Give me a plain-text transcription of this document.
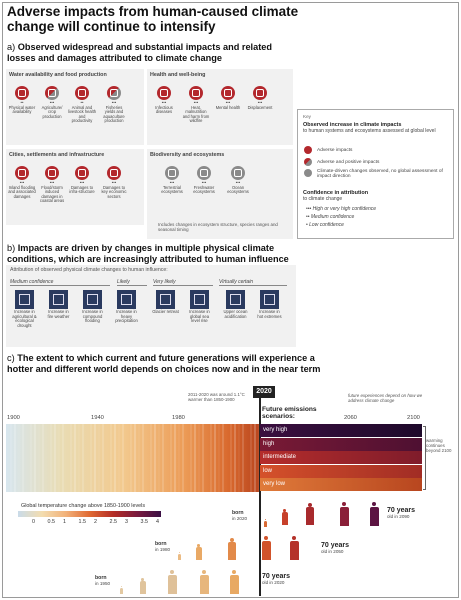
Adverse impacts from human-caused climate change will continue to intensify
a) Observed widespread and substantial impacts and related losses and damages attributed to climate change
Water availability and food production	Health and well-being
Cities, settlements and infrastructure	Biodiversity and ecosystems
••
Physical water availability
•••
Agriculture/ crop production
••
Animal and livestock health and productivity
•••
Fisheries yields and aquaculture production
•••
Infectious diseases
•••
Heat, malnutrition and harm from wildfire
•••
Mental health
•••
Displacement
•••
Inland flooding and associated damages
•••
Flood/storm induced damages in coastal areas
•••
Damages to infra-structure
•••
Damages to key economic sectors
•••
Terrestrial ecosystems
•••
Freshwater ecosystems
•••
Ocean ecosystems
Includes changes in ecosystem structure, species ranges and seasonal timing
Key
Observed increase in climate impacts
to human systems and ecosystems assessed at global level
Adverse impacts
Adverse and positive impacts
Climate-driven changes observed, no global assessment of impact direction
Confidence in attribution
to climate change
••• High or very high confidence
•• Medium confidence
• Low confidence
b) Impacts are driven by changes in multiple physical climate conditions, which are increasingly attributed to human influence
Attribution of observed physical climate changes to human influence:
Medium confidence	Likely	Very likely	Virtually certain
Increase in agricultural & ecological drought
Increase in fire weather
Increase in compound flooding
Increase in heavy precipitation
Glacier retreat	Increase in global sea level rise
Upper ocean acidification
Increase in hot extremes
c) The extent to which current and future generations will experience a hotter and different world depends on choices now and in the near term
1900	1940	1980	2060	2100
2011-2020 was around 1.1°C warmer than 1850-1900
2020
Future emissions scenarios:
future experiences depend on how we address climate change
warming continues beyond 2100
very high
high
intermediate
low
very low
Global temperature change above 1850-1900 levels
0 0.5 1 1.5 2 2.5 3 3.5 4
born
in 1950
70 years
old in 2020
born
in 1980
70 years
old in 2050
born
in 2020
70 years
old in 2090
